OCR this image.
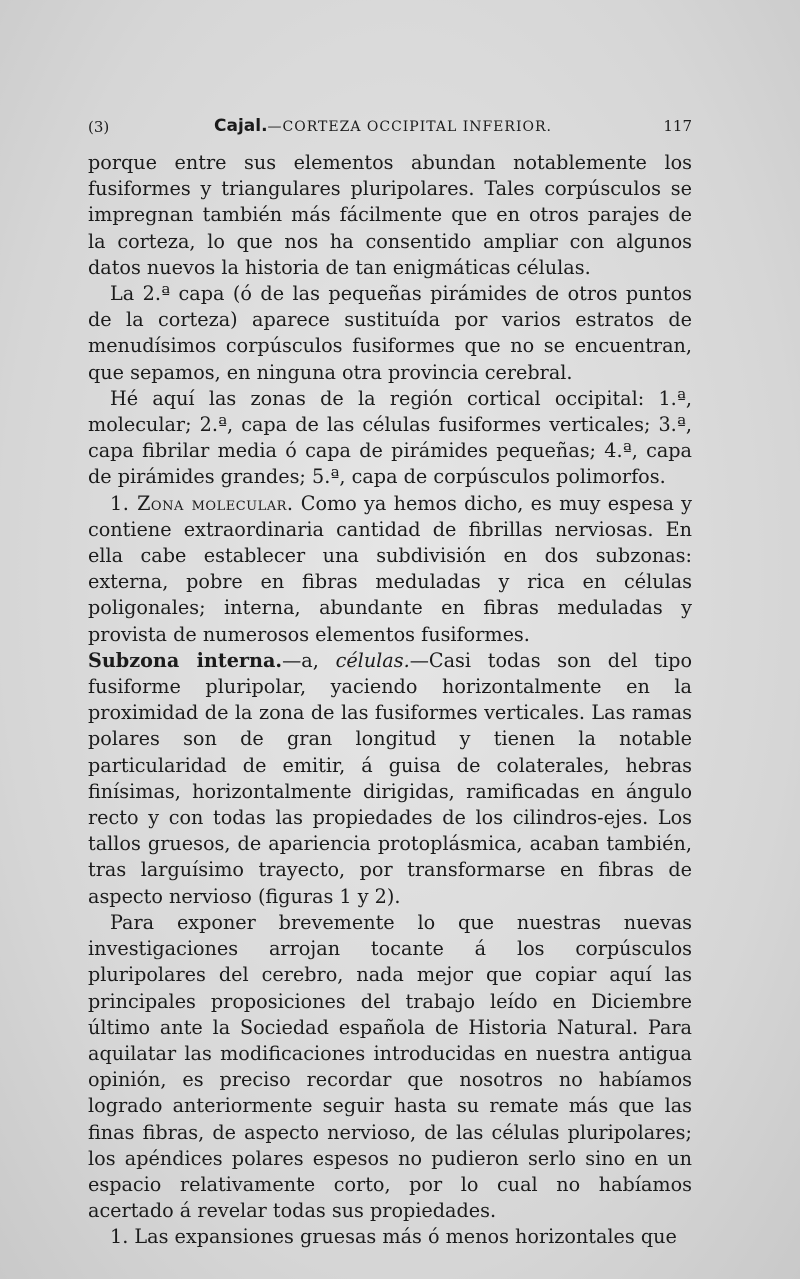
(3)	Cajal.—CORTEZA OCCIPITAL INFERIOR.	117

porque entre sus elementos abundan notablemente los fusiformes y triangulares pluripolares. Tales corpúsculos se impregnan también más fácilmente que en otros parajes de la corteza, lo que nos ha consentido ampliar con algunos datos nuevos la historia de tan enigmáticas células.

La 2.ª capa (ó de las pequeñas pirámides de otros puntos de la corteza) aparece sustituída por varios estratos de menudísimos corpúsculos fusiformes que no se encuentran, que sepamos, en ninguna otra provincia cerebral.

Hé aquí las zonas de la región cortical occipital: 1.ª, molecular; 2.ª, capa de las células fusiformes verticales; 3.ª, capa fibrilar media ó capa de pirámides pequeñas; 4.ª, capa de pirámides grandes; 5.ª, capa de corpúsculos polimorfos.

1. Zona molecular. Como ya hemos dicho, es muy espesa y contiene extraordinaria cantidad de fibrillas nerviosas. En ella cabe establecer una subdivisión en dos subzonas: externa, pobre en fibras meduladas y rica en células poligonales; interna, abundante en fibras meduladas y provista de numerosos elementos fusiformes.

Subzona interna.—a, células.—Casi todas son del tipo fusiforme pluripolar, yaciendo horizontalmente en la proximidad de la zona de las fusiformes verticales. Las ramas polares son de gran longitud y tienen la notable particularidad de emitir, á guisa de colaterales, hebras finísimas, horizontalmente dirigidas, ramificadas en ángulo recto y con todas las propiedades de los cilindros-ejes. Los tallos gruesos, de apariencia protoplásmica, acaban también, tras larguísimo trayecto, por transformarse en fibras de aspecto nervioso (figuras 1 y 2).

Para exponer brevemente lo que nuestras nuevas investigaciones arrojan tocante á los corpúsculos pluripolares del cerebro, nada mejor que copiar aquí las principales proposiciones del trabajo leído en Diciembre último ante la Sociedad española de Historia Natural. Para aquilatar las modificaciones introducidas en nuestra antigua opinión, es preciso recordar que nosotros no habíamos logrado anteriormente seguir hasta su remate más que las finas fibras, de aspecto nervioso, de las células pluripolares; los apéndices polares espesos no pudieron serlo sino en un espacio relativamente corto, por lo cual no habíamos acertado á revelar todas sus propiedades.

1. Las expansiones gruesas más ó menos horizontales que
